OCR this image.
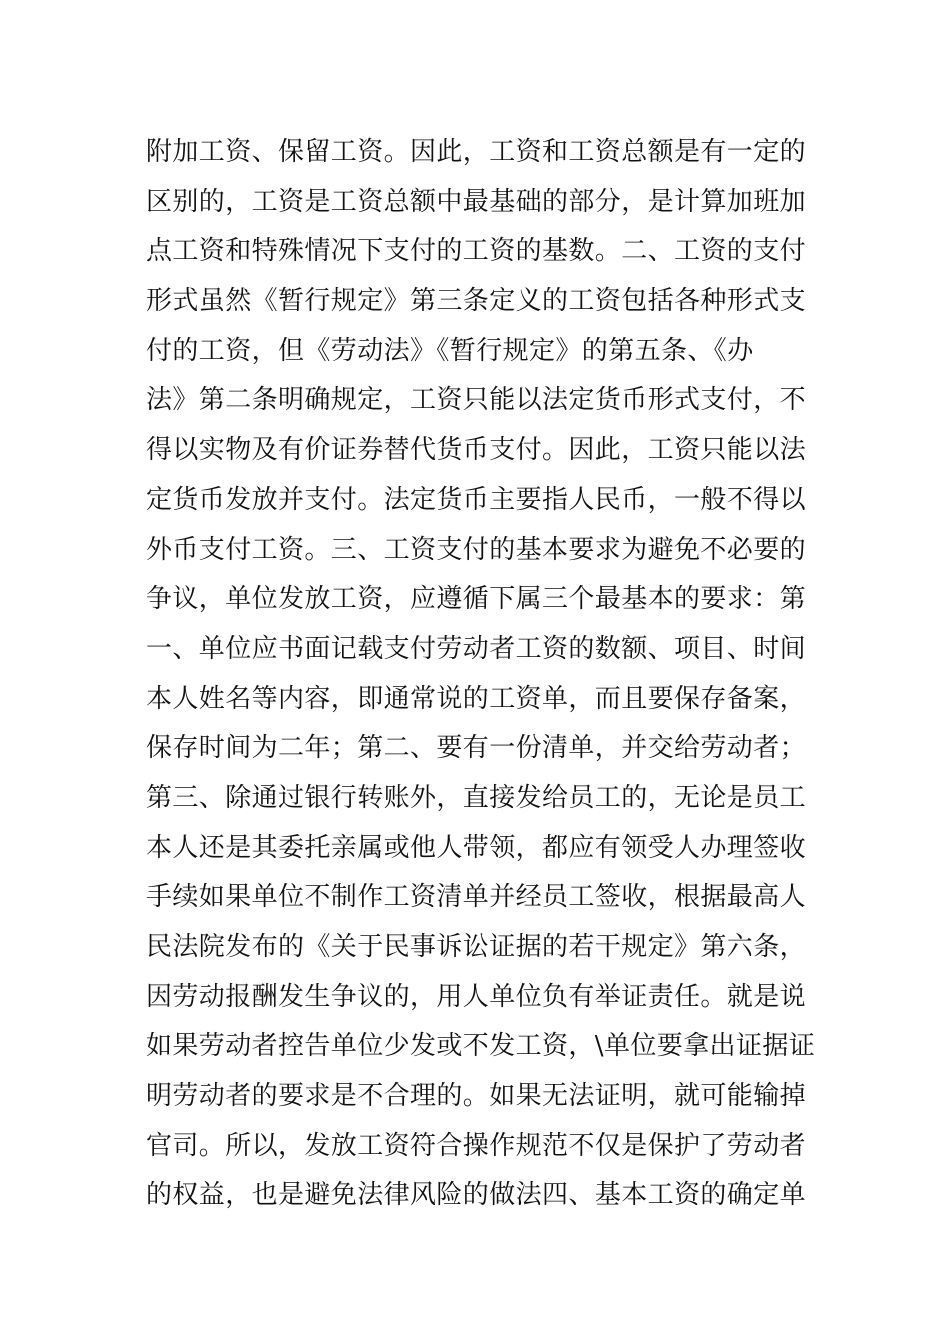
附加工资、保留工资。因此，工资和工资总额是有一定的
区别的，工资是工资总额中最基础的部分，是计算加班加
点工资和特殊情况下支付的工资的基数。二、工资的支付
形式虽然《暂行规定》第三条定义的工资包括各种形式支
付的工资，但《劳动法》《暂行规定》的第五条、《办
法》第二条明确规定，工资只能以法定货币形式支付，不
得以实物及有价证券替代货币支付。因此，工资只能以法
定货币发放并支付。法定货币主要指人民币，一般不得以
外币支付工资。三、工资支付的基本要求为避免不必要的
争议，单位发放工资，应遵循下属三个最基本的要求：第
一、单位应书面记载支付劳动者工资的数额、项目、时间
本人姓名等内容，即通常说的工资单，而且要保存备案，
保存时间为二年；第二、要有一份清单，并交给劳动者；
第三、除通过银行转账外，直接发给员工的，无论是员工
本人还是其委托亲属或他人带领，都应有领受人办理签收
手续如果单位不制作工资清单并经员工签收，根据最高人
民法院发布的《关于民事诉讼证据的若干规定》第六条，
因劳动报酬发生争议的，用人单位负有举证责任。就是说
如果劳动者控告单位少发或不发工资，\单位要拿出证据证
明劳动者的要求是不合理的。如果无法证明，就可能输掉
官司。所以，发放工资符合操作规范不仅是保护了劳动者
的权益，也是避免法律风险的做法四、基本工资的确定单
